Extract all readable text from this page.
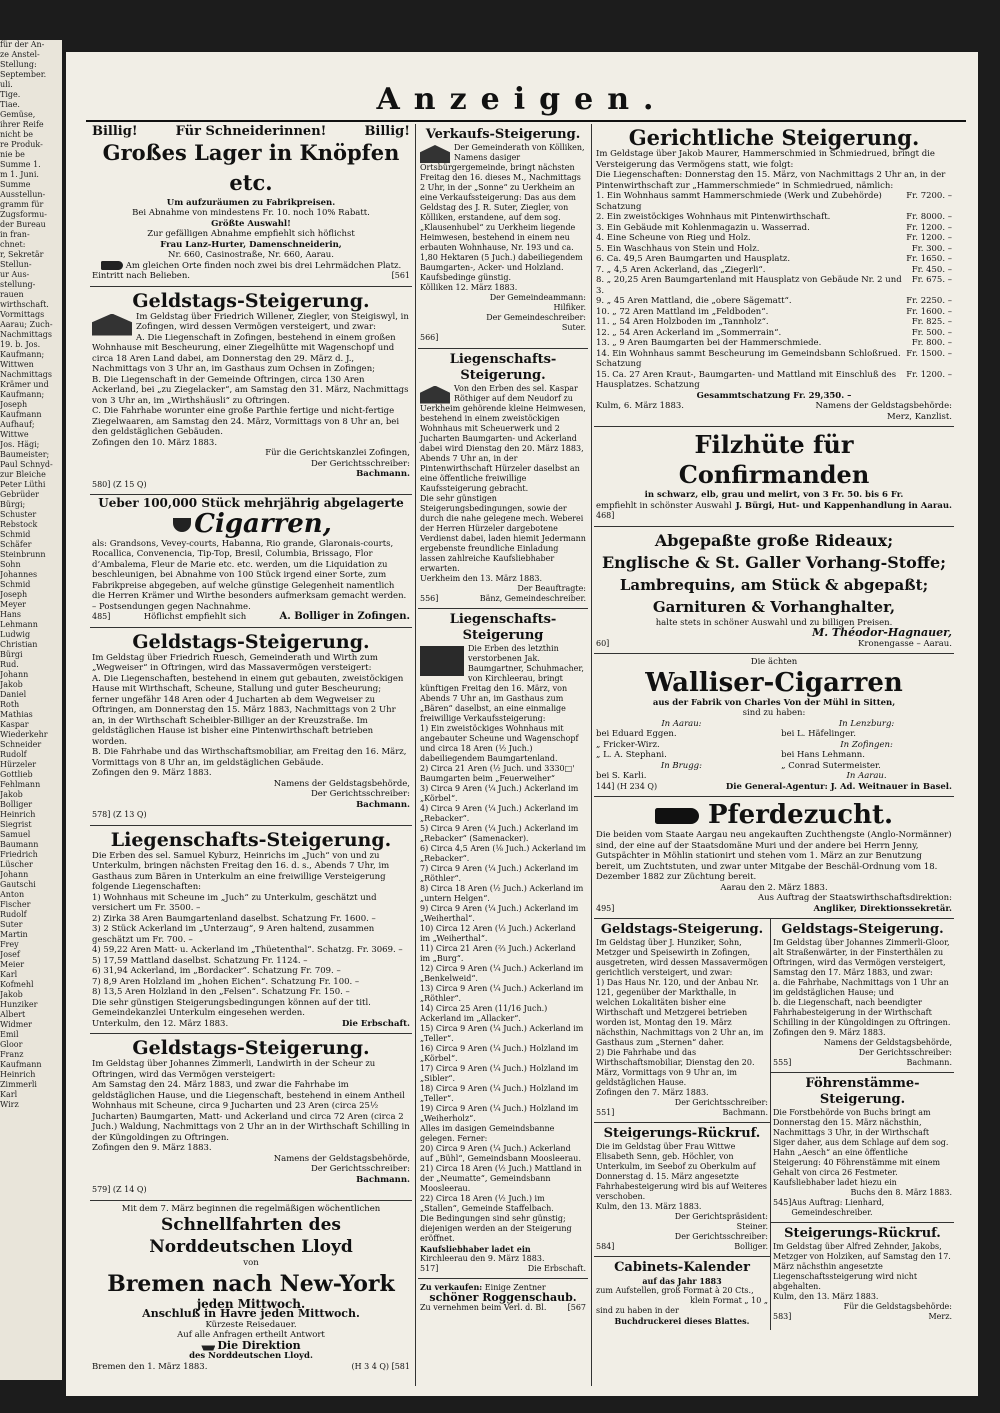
für der An-
ze Anstel-
Stellung:
September.
uli.
Tige.
Tiae.
Gemüse,
ihrer Reife
nicht be
re Produk-
nie be
Summe 1.
m 1. Juni.
Summe
Ausstellun-
gramm für
Zugsformu-
der Bureau
in fran-
chnet:
r, Sekretär
Stellun-
ur Aus-
stellung-
rauen
wirthschaft.
Vormittags
Aarau; Zuch-
Nachmittags
19. b. Jos.
Kaufmann;
Wittwen
Nachmittags
Krämer und
Kaufmann;
Joseph
Kaufmann
Aufhauf;
Wittwe
Jos. Hägi;
Baumeister;
Paul Schnyd-
zur Bleiche
Peter Lüthi
Gebrüder
Bürgi;
Schuster
Rebstock
Schmid
Schäfer
Steinbrunn
Sohn
Johannes
Schmid
Joseph
Meyer
Hans
Lehmann
Ludwig
Christian
Bürgi
Rud.
Johann
Jakob
Daniel
Roth
Mathias
Kaspar
Wiederkehr
Schneider
Rudolf
Hürzeler
Gottlieb
Fehlmann
Jakob
Bolliger
Heinrich
Siegrist
Samuel
Baumann
Friedrich
Lüscher
Johann
Gautschi
Anton
Fischer
Rudolf
Suter
Martin
Frey
Josef
Meier
Karl
Kofmehl
Jakob
Hunziker
Albert
Widmer
Emil
Gloor
Franz
Kaufmann
Heinrich
Zimmerli
Karl
Wirz
Anzeigen.
Billig!	Für Schneiderinnen!	Billig!
Großes Lager in Knöpfen etc.
Um aufzuräumen zu Fabrikpreisen.
Bei Abnahme von mindestens Fr. 10. noch 10% Rabatt.
Größte Auswahl!
Zur gefälligen Abnahme empfiehlt sich höflichst
Frau Lanz-Hurter, Damenschneiderin,
Nr. 660, Casinostraße, Nr. 660, Aarau.
Am gleichen Orte finden noch zwei bis drei Lehrmädchen Platz.
Eintritt nach Belieben.	[561
Geldstags-Steigerung.
Im Geldstag über Friedrich Willener, Ziegler, von Steigiswyl, in Zofingen, wird dessen Vermögen versteigert, und zwar:
A. Die Liegenschaft in Zofingen, bestehend in einem großen Wohnhause mit Bescheurung, einer Ziegelhütte mit Wagenschopf und circa 18 Aren Land dabei, am Donnerstag den 29. März d. J., Nachmittags von 3 Uhr an, im Gasthaus zum Ochsen in Zofingen;
B. Die Liegenschaft in der Gemeinde Oftringen, circa 130 Aren Ackerland, bei „zu Ziegelacker“, am Samstag den 31. März, Nachmittags von 3 Uhr an, im „Wirthshäusli“ zu Oftringen.
C. Die Fahrhabe worunter eine große Parthie fertige und nicht-fertige Ziegelwaaren, am Samstag den 24. März, Vormittags von 8 Uhr an, bei den geldstäglichen Gebäuden.
Zofingen den 10. März 1883.
Für die Gerichtskanzlei Zofingen,
Der Gerichtsschreiber:
Bachmann.
580] (Z 15 Q)
Ueber 100,000 Stück mehrjährig abgelagerte
Cigarren,
als: Grandsons, Vevey-courts, Habanna, Rio grande, Glaronais-courts, Rocallica, Convenencia, Tip-Top, Bresil, Columbia, Brissago, Flor d’Ambalema, Fleur de Marie etc. etc. werden, um die Liquidation zu beschleunigen, bei Abnahme von 100 Stück irgend einer Sorte, zum Fabrikpreise abgegeben, auf welche günstige Gelegenheit namentlich die Herren Krämer und Wirthe besonders aufmerksam gemacht werden. – Postsendungen gegen Nachnahme.
485]	Höflichst empfiehlt sich	A. Bolliger in Zofingen.
Geldstags-Steigerung.
Im Geldstag über Friedrich Ruesch, Gemeinderath und Wirth zum „Wegweiser“ in Oftringen, wird das Massavermögen versteigert:
A. Die Liegenschaften, bestehend in einem gut gebauten, zweistöckigen Hause mit Wirthschaft, Scheune, Stallung und guter Bescheurung; ferner ungefähr 148 Aren oder 4 Jucharten ab dem Wegweiser zu Oftringen, am Donnerstag den 15. März 1883, Nachmittags von 2 Uhr an, in der Wirthschaft Scheibler-Billiger an der Kreuzstraße. Im geldstäglichen Hause ist bisher eine Pintenwirthschaft betrieben worden.
B. Die Fahrhabe und das Wirthschaftsmobiliar, am Freitag den 16. März, Vormittags von 8 Uhr an, im geldstäglichen Gebäude.
Zofingen den 9. März 1883.
Namens der Geldstagsbehörde,
Der Gerichtsschreiber:
Bachmann.
578] (Z 13 Q)
Liegenschafts-Steigerung.
Die Erben des sel. Samuel Kyburz, Heinrichs im „Juch“ von und zu Unterkulm, bringen nächsten Freitag den 16. d. s., Abends 7 Uhr, im Gasthaus zum Bären in Unterkulm an eine freiwillige Versteigerung folgende Liegenschaften:
1) Wohnhaus mit Scheune im „Juch“ zu Unterkulm, geschätzt und versichert um Fr. 3500. –
2) Zirka 38 Aren Baumgartenland daselbst. Schatzung Fr. 1600. –
3) 2 Stück Ackerland im „Unterzaug“, 9 Aren haltend, zusammen geschätzt um Fr. 700. –
4) 59,22 Aren Matt- u. Ackerland im „Thüetenthal“. Schatzg. Fr. 3069. –
5) 17,59 Mattland daselbst. Schatzung Fr. 1124. –
6) 31,94 Ackerland, im „Bordacker“. Schatzung Fr. 709. –
7) 8,9 Aren Holzland im „hohen Eichen“. Schatzung Fr. 100. –
8) 13,5 Aren Holzland in den „Felsen“. Schatzung Fr. 150. –
Die sehr günstigen Steigerungsbedingungen können auf der titl. Gemeindekanzlei Unterkulm eingesehen werden.
Unterkulm, den 12. März 1883.	Die Erbschaft.
Geldstags-Steigerung.
Im Geldstag über Johannes Zimmerli, Landwirth in der Scheur zu Oftringen, wird das Vermögen versteigert:
Am Samstag den 24. März 1883, und zwar die Fahrhabe im geldstäglichen Hause, und die Liegenschaft, bestehend in einem Antheil Wohnhaus mit Scheune, circa 9 Jucharten und 23 Aren (circa 25½ Jucharten) Baumgarten, Matt- und Ackerland und circa 72 Aren (circa 2 Juch.) Waldung, Nachmittags von 2 Uhr an in der Wirthschaft Schilling in der Küngoldingen zu Oftringen.
Zofingen den 9. März 1883.
Namens der Geldstagsbehörde,
Der Gerichtsschreiber:
Bachmann.
579] (Z 14 Q)
Mit dem 7. März beginnen die regelmäßigen wöchentlichen
Schnellfahrten des Norddeutschen Lloyd
von
Bremen nach New-York
jeden Mittwoch.
Anschluß in Havre jeden Mittwoch.
Kürzeste Reisedauer.
Auf alle Anfragen ertheilt Antwort
Die Direktion
des Norddeutschen Lloyd.
Bremen den 1. März 1883.	(H 3 4 Q) [581
Verkaufs-Steigerung.
Der Gemeinderath von Kölliken, Namens dasiger Ortsbürgergemeinde, bringt nächsten Freitag den 16. dieses M., Nachmittags 2 Uhr, in der „Sonne“ zu Uerkheim an eine Verkaufssteigerung: Das aus dem Geldstag des J. R. Suter, Ziegler, von Kölliken, erstandene, auf dem sog. „Klausenhubel“ zu Uerkheim liegende Heimwesen, bestehend in einem neu erbauten Wohnhause, Nr. 193 und ca. 1,80 Hektaren (5 Juch.) dabeiliegendem Baumgarten-, Acker- und Holzland.
Kaufsbedinge günstig.
Kölliken 12. März 1883.
Der Gemeindeammann:
Hilfiker.
Der Gemeindeschreiber:
Suter.
566]
Liegenschafts-Steigerung.
Von den Erben des sel. Kaspar Röthiger auf dem Neudorf zu Uerkheim gehörende kleine Heimwesen, bestehend in einem zweistöckigen Wohnhaus mit Scheuerwerk und 2 Jucharten Baumgarten- und Ackerland dabei wird Dienstag den 20. März 1883, Abends 7 Uhr an, in der Pintenwirthschaft Hürzeler daselbst an eine öffentliche freiwillige Kaufssteigerung gebracht.
Die sehr günstigen Steigerungsbedingungen, sowie der durch die nahe gelegene mech. Weberei der Herren Hürzeler dargebotene Verdienst dabei, laden hiemit Jedermann ergebenste freundliche Einladung lassen zahlreiche Kaufsliebhaber erwarten.
Uerkheim den 13. März 1883.
Der Beauftragte:
556]	Bänz, Gemeindeschreiber.
Liegenschafts-Steigerung
Die Erben des letzthin verstorbenen Jak. Baumgartner, Schuhmacher, von Kirchleerau, bringt künftigen Freitag den 16. März, von Abends 7 Uhr an, im Gasthaus zum „Bären“ daselbst, an eine einmalige freiwillige Verkaufssteigerung:
1) Ein zweistöckiges Wohnhaus mit angebauter Scheune und Wagenschopf und circa 18 Aren (½ Juch.) dabeiliegendem Baumgartenland.
2) Circa 21 Aren (½ Juch. und 3330□' Baumgarten beim „Feuerweiher“
3) Circa 9 Aren (¼ Juch.) Ackerland im „Körbel“.
4) Circa 9 Aren (¼ Juch.) Ackerland im „Rebacker“.
5) Circa 9 Aren (¼ Juch.) Ackerland im „Rebacker“ (Samenacker).
6) Circa 4,5 Aren (⅛ Juch.) Ackerland im „Rebacker“.
7) Circa 9 Aren (¼ Juch.) Ackerland im „Röthler“.
8) Circa 18 Aren (½ Juch.) Ackerland im „untern Helgen“.
9) Circa 9 Aren (¼ Juch.) Ackerland im „Weiherthal“.
10) Circa 12 Aren (⅓ Juch.) Ackerland im „Weiherthal“.
11) Circa 21 Aren (⅔ Juch.) Ackerland im „Burg“.
12) Circa 9 Aren (¼ Juch.) Ackerland im „Benkelweid“.
13) Circa 9 Aren (¼ Juch.) Ackerland im „Röthler“.
14) Circa 25 Aren (11/16 Juch.) Ackerland im „Allacker“.
15) Circa 9 Aren (¼ Juch.) Ackerland im „Teller“.
16) Circa 9 Aren (¼ Juch.) Holzland im „Körbel“.
17) Circa 9 Aren (¼ Juch.) Holzland im „Sibler“.
18) Circa 9 Aren (¼ Juch.) Holzland im „Teller“.
19) Circa 9 Aren (¼ Juch.) Holzland im „Weiherholz“.
Alles im dasigen Gemeindsbanne gelegen. Ferner:
20) Circa 9 Aren (¼ Juch.) Ackerland auf „Bühl“, Gemeindsbann Moosleerau.
21) Circa 18 Aren (½ Juch.) Mattland in der „Neumatte“, Gemeindsbann Moosleerau.
22) Circa 18 Aren (½ Juch.) im „Stallen“, Gemeinde Staffelbach.
Die Bedingungen sind sehr günstig; diejenigen werden an der Steigerung eröffnet.
Kaufsliebhaber ladet ein
Kirchleerau den 9. März 1883.
517]	Die Erbschaft.
Zu verkaufen: Einige Zentner
schöner Roggenschaub.
Zu vernehmen beim Verl. d. Bl.	[567
Gerichtliche Steigerung.
Im Geldstage über Jakob Maurer, Hammerschmied in Schmiedrued, bringt die Versteigerung das Vermögens statt, wie folgt:
Die Liegenschaften: Donnerstag den 15. März, von Nachmittags 2 Uhr an, in der Pintenwirthschaft zur „Hammerschmiede“ in Schmiedrued, nämlich:
1. Ein Wohnhaus sammt Hammerschmiede (Werk und Zubehörde) Schatzung
Fr. 7200. –
2. Ein zweistöckiges Wohnhaus mit Pintenwirthschaft.	Fr. 8000. –
3. Ein Gebäude mit Kohlenmagazin u. Wasserrad.	Fr. 1200. –
4. Eine Scheune von Rieg und Holz.	Fr. 1200. –
5. Ein Waschhaus von Stein und Holz.	Fr. 300. –
6. Ca. 49,5 Aren Baumgarten und Hausplatz.	Fr. 1650. –
7. „ 4,5 Aren Ackerland, das „Ziegerli“.	Fr. 450. –
8. „ 20,25 Aren Baumgartenland mit Hausplatz von Gebäude Nr. 2 und 3.
Fr. 675. –
9. „ 45 Aren Mattland, die „obere Sägematt“.	Fr. 2250. –
10. „ 72 Aren Mattland im „Feldboden“.	Fr. 1600. –
11. „ 54 Aren Holzboden im „Tannholz“.	Fr. 825. –
12. „ 54 Aren Ackerland im „Sommerrain“.	Fr. 500. –
13. „ 9 Aren Baumgarten bei der Hammerschmiede.	Fr. 800. –
14. Ein Wohnhaus sammt Bescheurung im Gemeindsbann Schloßrued. Schatzung
Fr. 1500. –
15. Ca. 27 Aren Kraut-, Baumgarten- und Mattland mit Einschluß des Hausplatzes. Schatzung
Fr. 1200. –
Gesammtschatzung Fr. 29,350. –
Kulm, 6. März 1883.	Namens der Geldstagsbehörde:
Merz, Kanzlist.
Filzhüte für Confirmanden
in schwarz, elb, grau und melirt, von 3 Fr. 50. bis 6 Fr.
empfiehlt in schönster Auswahl J. Bürgi, Hut- und Kappenhandlung in Aarau.
468]
Abgepaßte große Rideaux;
Englische & St. Galler Vorhang-Stoffe;
Lambrequins, am Stück & abgepaßt;
Garnituren & Vorhanghalter,
halte stets in schöner Auswahl und zu billigen Preisen.
M. Théodor-Hagnauer,
60]	Kronengasse – Aarau.
Die ächten
Walliser-Cigarren
aus der Fabrik von Charles Von der Mühl in Sitten,
sind zu haben:
In Aarau:
bei Eduard Eggen.
„ Fricker-Wirz.
„ L. A. Stephani.
In Brugg:
bei S. Karli.
In Lenzburg:
bei L. Häfelinger.
In Zofingen:
bei Hans Lehmann.
„ Conrad Sutermeister.
In Aarau.
144] (H 234 Q)	Die General-Agentur: J. Ad. Weitnauer in Basel.
Pferdezucht.
Die beiden vom Staate Aargau neu angekauften Zuchthengste (Anglo-Normänner) sind, der eine auf der Staatsdomäne Muri und der andere bei Herrn Jenny, Gutspächter in Möhlin stationirt und stehen vom 1. März an zur Benutzung bereit, um Zuchtstuten, und zwar unter Mitgabe der Beschäl-Ordnung vom 18. Dezember 1882 zur Züchtung bereit.
Aarau den 2. März 1883.
Aus Auftrag der Staatswirthschaftsdirektion:
495]	Angliker, Direktionssekretär.
Geldstags-Steigerung.
Im Geldstag über J. Hunziker, Sohn, Metzger und Speisewirth in Zofingen, ausgetreten, wird dessen Massavermögen gerichtlich versteigert, und zwar:
1) Das Haus Nr. 120, und der Anbau Nr. 121, gegenüber der Markthalle, in welchen Lokalitäten bisher eine Wirthschaft und Metzgerei betrieben worden ist, Montag den 19. März nächsthin, Nachmittags von 2 Uhr an, im Gasthaus zum „Sternen“ daher.
2) Die Fahrhabe und das Wirthschaftsmobiliar, Dienstag den 20. März, Vormittags von 9 Uhr an, im geldstäglichen Hause.
Zofingen den 7. März 1883.
Der Gerichtsschreiber:
551]	Bachmann.
Steigerungs-Rückruf.
Die im Geldstag über Frau Wittwe Elisabeth Senn, geb. Höchler, von Unterkulm, im Seebof zu Oberkulm auf Donnerstag d. 15. März angesetzte Fahrhabesteigerung wird bis auf Weiteres verschoben.
Kulm, den 13. März 1883.
Der Gerichtspräsident:
Steiner.
Der Gerichtsschreiber:
584]	Bolliger.
Cabinets-Kalender
auf das Jahr 1883
zum Aufstellen, groß Format à 20 Cts.,
klein Format „ 10 „
sind zu haben in der
Buchdruckerei dieses Blattes.
Geldstags-Steigerung.
Im Geldstag über Johannes Zimmerli-Gloor, alt Straßenwärter, in der Finsterthälen zu Oftringen, wird das Vermögen versteigert, Samstag den 17. März 1883, und zwar:
a. die Fahrhabe, Nachmittags von 1 Uhr an im geldstäglichen Hause; und
b. die Liegenschaft, nach beendigter Fahrhabesteigerung in der Wirthschaft Schilling in der Küngoldingen zu Oftringen.
Zofingen den 9. März 1883.
Namens der Geldstagsbehörde,
Der Gerichtsschreiber:
555]	Bachmann.
Föhrenstämme-Steigerung.
Die Forstbehörde von Buchs bringt am Donnerstag den 15. März nächsthin, Nachmittags 3 Uhr, in der Wirthschaft Siger daher, aus dem Schlage auf dem sog. Hahn „Aesch“ an eine öffentliche Steigerung: 40 Föhrenstämme mit einem Gehalt von circa 26 Festmeter.
Kaufsliebhaber ladet hiezu ein
Buchs den 8. März 1883.
545] Aus Auftrag: Lienhard, Gemeindeschreiber.
Steigerungs-Rückruf.
Im Geldstag über Alfred Zehnder, Jakobs, Metzger von Holziken, auf Samstag den 17. März nächsthin angesetzte Liegenschaftssteigerung wird nicht abgehalten.
Kulm, den 13. März 1883.
Für die Geldstagsbehörde:
583]	Merz.
